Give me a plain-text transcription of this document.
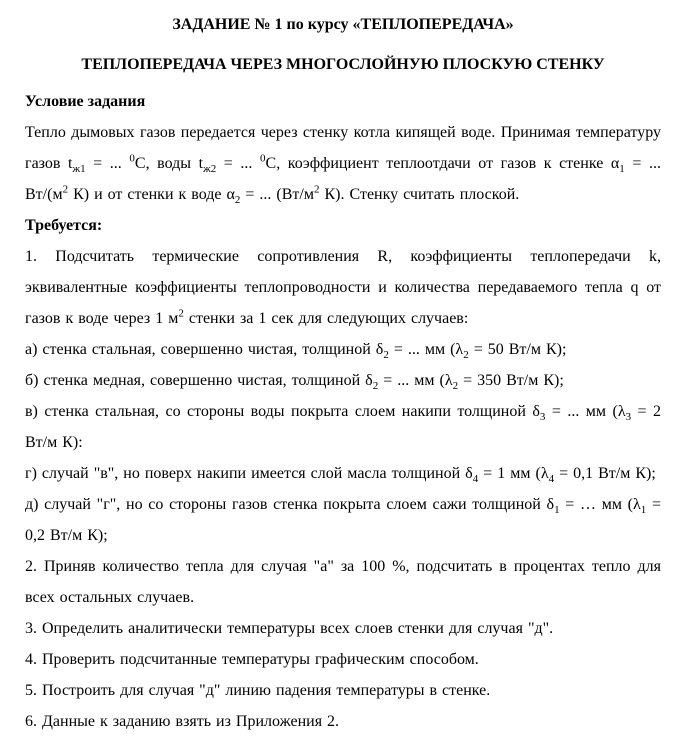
ЗАДАНИЕ № 1 по курсу «ТЕПЛОПЕРЕДАЧА»

ТЕПЛОПЕРЕДАЧА ЧЕРЕЗ МНОГОСЛОЙНУЮ ПЛОСКУЮ СТЕНКУ

Условие задания

Тепло дымовых газов передается через стенку котла кипящей воде. Принимая температуру газов $t_{ж1}$ = ... $^0$С, воды $t_{ж2}$ = ... $^0$С, коэффициент теплоотдачи от газов к стенке $\alpha_1$ = ... $Вт/(м^2$ К) и от стенки к воде $\alpha_2$ = ... ($Вт/м^2$ К). Стенку считать плоской.

Требуется:

1. Подсчитать термические сопротивления R, коэффициенты теплопередачи k, эквивалентные коэффициенты теплопроводности и количества передаваемого тепла q от газов к воде через 1 $м^2$ стенки за 1 сек для следующих случаев:

а) стенка стальная, совершенно чистая, толщиной $\delta_2$ = ... мм ($\lambda_2 = 50$ Вт/м К);

б) стенка медная, совершенно чистая, толщиной $\delta_2$ = ... мм ($\lambda_2 = 350$ Вт/м К);

в) стенка стальная, со стороны воды покрыта слоем накипи толщиной $\delta_3$ = ... мм ($\lambda_3 = 2$ Вт/м К):

г) случай "в", но поверх накипи имеется слой масла толщиной $\delta_4 = 1$ мм ($\lambda_4 = 0,1$ Вт/м К);

д) случай "г", но со стороны газов стенка покрыта слоем сажи толщиной $\delta_1$ = … мм ($\lambda_1 = 0,2$ Вт/м К);

2. Приняв количество тепла для случая "а" за 100 %, подсчитать в процентах тепло для всех остальных случаев.

3. Определить аналитически температуры всех слоев стенки для случая "д".

4. Проверить подсчитанные температуры графическим способом.

5. Построить для случая "д" линию падения температуры в стенке.

6. Данные к заданию взять из Приложения 2.
